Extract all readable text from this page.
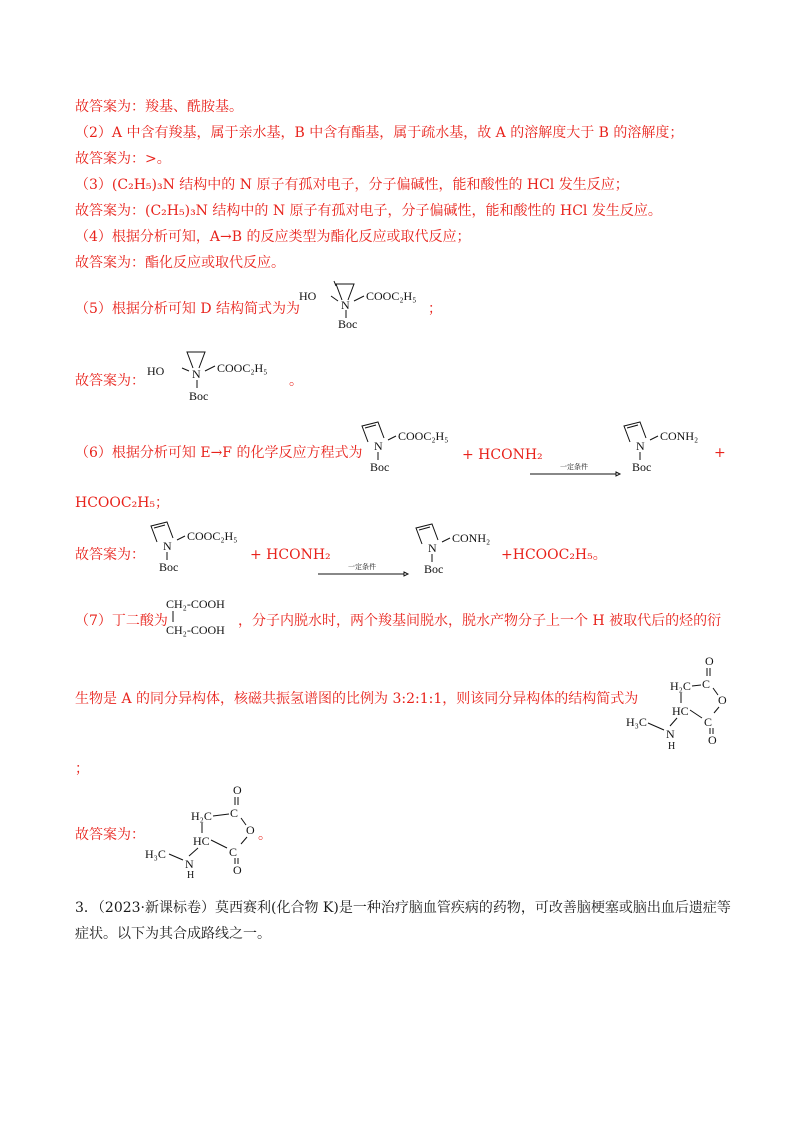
故答案为：羧基、酰胺基。
（2）A 中含有羧基，属于亲水基，B 中含有酯基，属于疏水基，故 A 的溶解度大于 B 的溶解度；
故答案为：>。
（3）(C₂H₅)₃N 结构中的 N 原子有孤对电子，分子偏碱性，能和酸性的 HCl 发生反应；
故答案为：(C₂H₅)₃N 结构中的 N 原子有孤对电子，分子偏碱性，能和酸性的 HCl 发生反应。
（4）根据分析可知，A→B 的反应类型为酯化反应或取代反应；
故答案为：酯化反应或取代反应。
（5）根据分析可知 D 结构简式为为	；
故答案为：	。
（6）根据分析可知 E→F 的化学反应方程式为	+ HCONH₂	+
HCOOC₂H₅；
故答案为：	+ HCONH₂	+HCOOC₂H₅。
（7）丁二酸为	，分子内脱水时，两个羧基间脱水，脱水产物分子上一个 H 被取代后的烃的衍
生物是 A 的同分异构体，核磁共振氢谱图的比例为 3:2:1:1，则该同分异构体的结构简式为
；
故答案为：	。
3．（2023·新课标卷）莫西赛利(化合物 K)是一种治疗脑血管疾病的药物，可改善脑梗塞或脑出血后遗症等
症状。以下为其合成路线之一。
HO
N
COOC₂H₅
Boc
HO N COOC₂H₅
Boc
N
COOC₂H₅
Boc	一定条件
N
CONH₂
Boc
N
COOC₂H₅
Boc	一定条件
N
CONH₂
Boc
CH₂-COOH
CH₂-COOH
O
C
H₂C
O
HC
C
O
N
H
H₃C
O
C
H₂C
O
HC
C
O
N
H
H₃C
